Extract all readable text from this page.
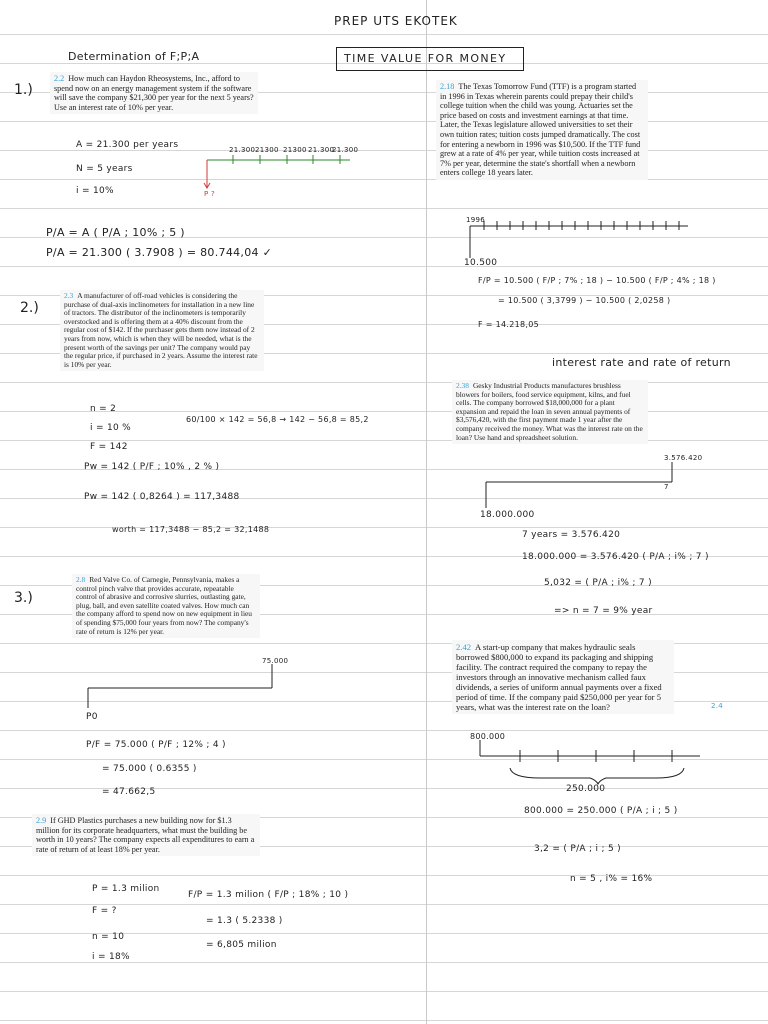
PREP UTS EKOTEK
TIME VALUE FOR MONEY
Determination of F;P;A
1.)
2.2 How much can Haydon Rheosystems, Inc., afford to spend now on an energy management system if the software will save the company $21,300 per year for the next 5 years? Use an interest rate of 10% per year.
A = 21.300 per years
N = 5 years
i = 10%
21.300 21300 21300 21.300
21.300
P ?
P/A = A ( P/A ; 10% ; 5 )
P/A = 21.300 ( 3.7908 ) = 80.744,04 ✓
2.)
2.3 A manufacturer of off-road vehicles is considering the purchase of dual-axis inclinometers for installation in a new line of tractors. The distributor of the inclinometers is temporarily overstocked and is offering them at a 40% discount from the regular cost of $142. If the purchaser gets them now instead of 2 years from now, which is when they will be needed, what is the present worth of the savings per unit? The company would pay the regular price, if purchased in 2 years. Assume the interest rate is 10% per year.
n = 2
i = 10 %
F = 142
60/100 × 142 = 56,8 → 142 − 56,8 = 85,2
Pw = 142 ( P/F ; 10% , 2 % )
Pw = 142 ( 0,8264 ) = 117,3488
worth = 117,3488 − 85,2 = 32,1488
3.)
2.8 Red Valve Co. of Carnegie, Pennsylvania, makes a control pinch valve that provides accurate, repeatable control of abrasive and corrosive slurries, outlasting gate, plug, ball, and even satellite coated valves. How much can the company afford to spend now on new equipment in lieu of spending $75,000 four years from now? The company's rate of return is 12% per year.
75.000
P0
P/F = 75.000 ( P/F ; 12% ; 4 )
= 75.000 ( 0.6355 )
= 47.662,5
2.9 If GHD Plastics purchases a new building now for $1.3 million for its corporate headquarters, what must the building be worth in 10 years? The company expects all expenditures to earn a rate of return of at least 18% per year.
P = 1.3 milion
F = ?
n = 10
i = 18%
F/P = 1.3 milion ( F/P ; 18% ; 10 )
= 1.3 ( 5.2338 )
= 6,805 milion
2.18 The Texas Tomorrow Fund (TTF) is a program started in 1996 in Texas wherein parents could prepay their child's college tuition when the child was young. Actuaries set the price based on costs and investment earnings at that time. Later, the Texas legislature allowed universities to set their own tuition rates; tuition costs jumped dramatically. The cost for entering a newborn in 1996 was $10,500. If the TTF fund grew at a rate of 4% per year, while tuition costs increased at 7% per year, determine the state's shortfall when a newborn enters college 18 years later.
1996
10.500
F/P = 10.500 ( F/P ; 7% ; 18 ) − 10.500 ( F/P ; 4% ; 18 )
= 10.500 ( 3,3799 ) − 10.500 ( 2,0258 )
F = 14.218,05
interest rate and rate of return
2.38 Gesky Industrial Products manufactures brushless blowers for boilers, food service equipment, kilns, and fuel cells. The company borrowed $18,000,000 for a plant expansion and repaid the loan in seven annual payments of $3,576,420, with the first payment made 1 year after the company received the money. What was the interest rate on the loan? Use hand and spreadsheet solution.
3.576.420
7
18.000.000
7 years = 3.576.420
18.000.000 = 3.576.420 ( P/A ; i% ; 7 )
5,032 = ( P/A ; i% ; 7 )
=> n = 7 = 9% year
2.42 A start-up company that makes hydraulic seals borrowed $800,000 to expand its packaging and shipping facility. The contract required the company to repay the investors through an innovative mechanism called faux dividends, a series of uniform annual payments over a fixed period of time. If the company paid $250,000 per year for 5 years, what was the interest rate on the loan?	2.4
800.000
250.000
800.000 = 250.000 ( P/A ; i ; 5 )
3,2 = ( P/A ; i ; 5 )
n = 5 , i% = 16%
